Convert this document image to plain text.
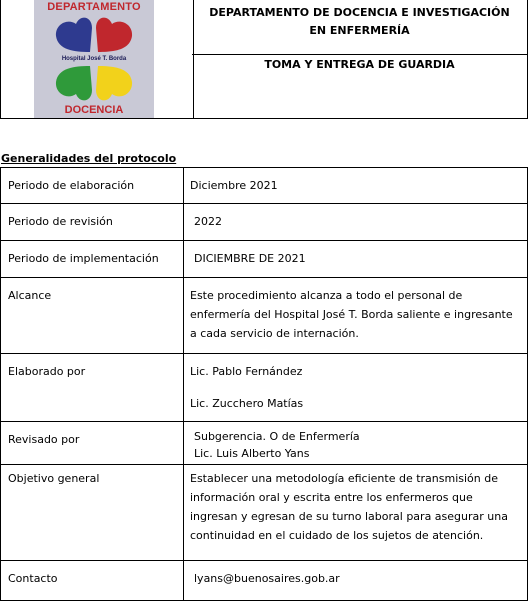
DEPARTAMENTO
Hospital José T. Borda
DOCENCIA
DEPARTAMENTO DE DOCENCIA E INVESTIGACIÓN
EN ENFERMERÍA
TOMA Y ENTREGA DE GUARDIA
Generalidades del protocolo
Periodo de elaboración	Diciembre 2021
Periodo de revisión	2022
Periodo de implementación	DICIEMBRE DE 2021
Alcance	Este procedimiento alcanza a todo el personal de enfermería del Hospital José T. Borda saliente e ingresante a cada servicio de internación.
Elaborado por	Lic. Pablo Fernández
Lic. Zucchero Matías

Revisado por	Subgerencia. O de Enfermería
Lic. Luis Alberto Yans

Objetivo general	Establecer una metodología eficiente de transmisión de información oral y escrita entre los enfermeros que ingresan y egresan de su turno laboral para asegurar una continuidad en el cuidado de los sujetos de atención.
Contacto	lyans@buenosaires.gob.ar
